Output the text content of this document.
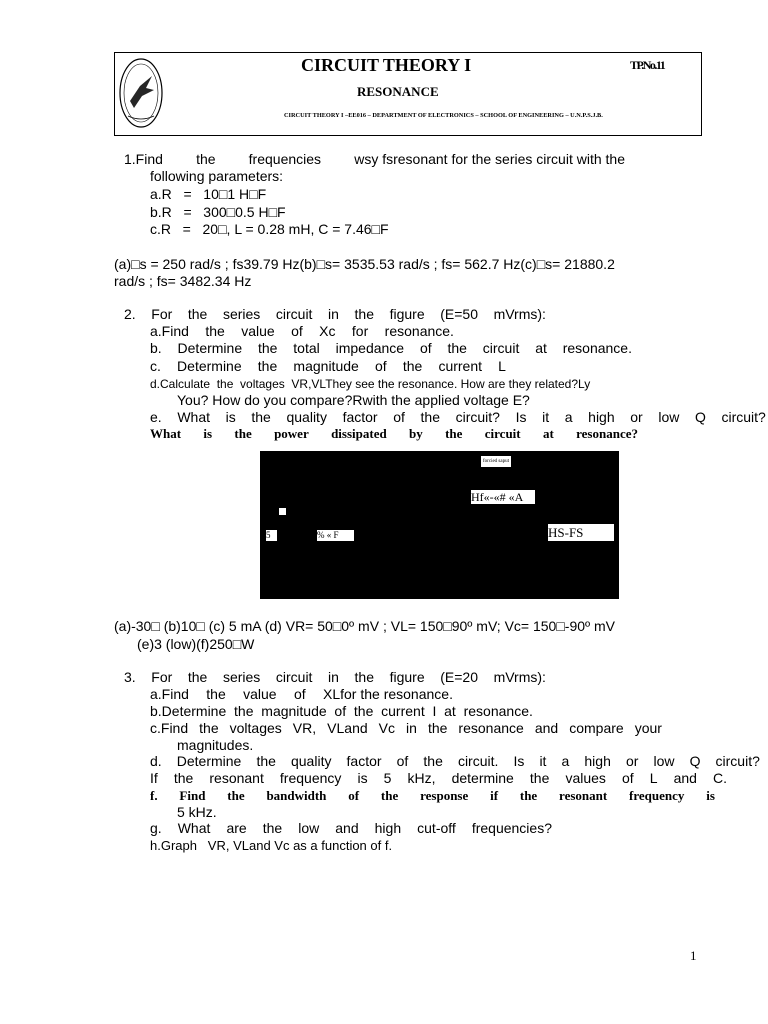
CIRCUIT THEORY I	TP.No.11
RESONANCE
CIRCUIT THEORY I –EE016 – DEPARTMENT OF ELECTRONICS – SCHOOL OF ENGINEERING – U.N.P.S.J.B.
1.Find the frequencies wsy fsresonant for the series circuit with the
following parameters:
a.R   =   10□1 H□F
b.R   =   300□0.5 H□F
c.R   =   20□, L = 0.28 mH, C = 7.46□F
(a)□s = 250 rad/s ; fs39.79 Hz(b)□s= 3535.53 rad/s ; fs= 562.7 Hz(c)□s= 21880.2
rad/s ; fs= 3482.34 Hz
2. For the series circuit in the figure (E=50 mVrms):
a.Find the value of Xc for resonance.
b. Determine the total impedance of the circuit at resonance.
c. Determine the magnitude of the current L
d.Calculate  the  voltages  VR,VLThey see the resonance. How are they related?Ly
You? How do you compare?Rwith the applied voltage E?
e. What is the quality factor of the circuit? Is it a high or low Q circuit?
What is the power dissipated by the circuit at resonance?
forcied saput
Hf«-«# «A
5	% « F	HS-FS
(a)-30□ (b)10□ (c) 5 mA (d) VR= 50□0º mV ; VL= 150□90º mV; Vc= 150□-90º mV
(e)3 (low)(f)250□W
3. For the series circuit in the figure (E=20 mVrms):
a.Find the value of XLfor the resonance.
b.Determine  the  magnitude  of  the  current  I  at  resonance.
c.Find the voltages VR, VLand Vc in the resonance and compare your
magnitudes.
d. Determine the quality factor of the circuit. Is it a high or low Q circuit?
If the resonant frequency is 5 kHz, determine the values of L and C.
f. Find the bandwidth of the response if the resonant frequency is
5 kHz.
g. What are the low and high cut-off frequencies?
h.Graph   VR, VLand Vc as a function of f.
1
